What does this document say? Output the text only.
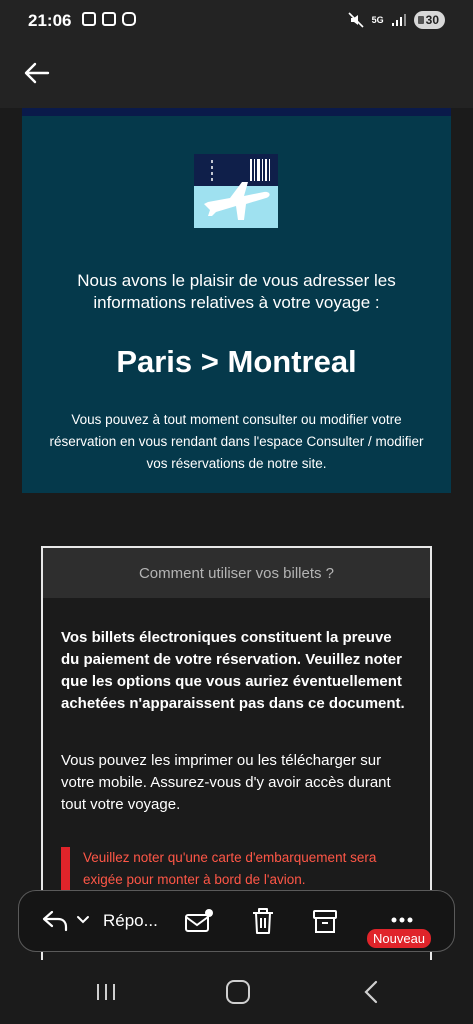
21:06	5G	30
Nous avons le plaisir de vous adresser les informations relatives à votre voyage :
Paris > Montreal
Vous pouvez à tout moment consulter ou modifier votre réservation en vous rendant dans l'espace Consulter / modifier vos réservations de notre site.
Comment utiliser vos billets ?
Vos billets électroniques constituent la preuve du paiement de votre réservation. Veuillez noter que les options que vous auriez éventuellement achetées n'apparaissent pas dans ce document.
Vous pouvez les imprimer ou les télécharger sur votre mobile. Assurez-vous d'y avoir accès durant tout votre voyage.
Veuillez noter qu'une carte d'embarquement sera exigée pour monter à bord de l'avion.
Répo...
Nouveau
